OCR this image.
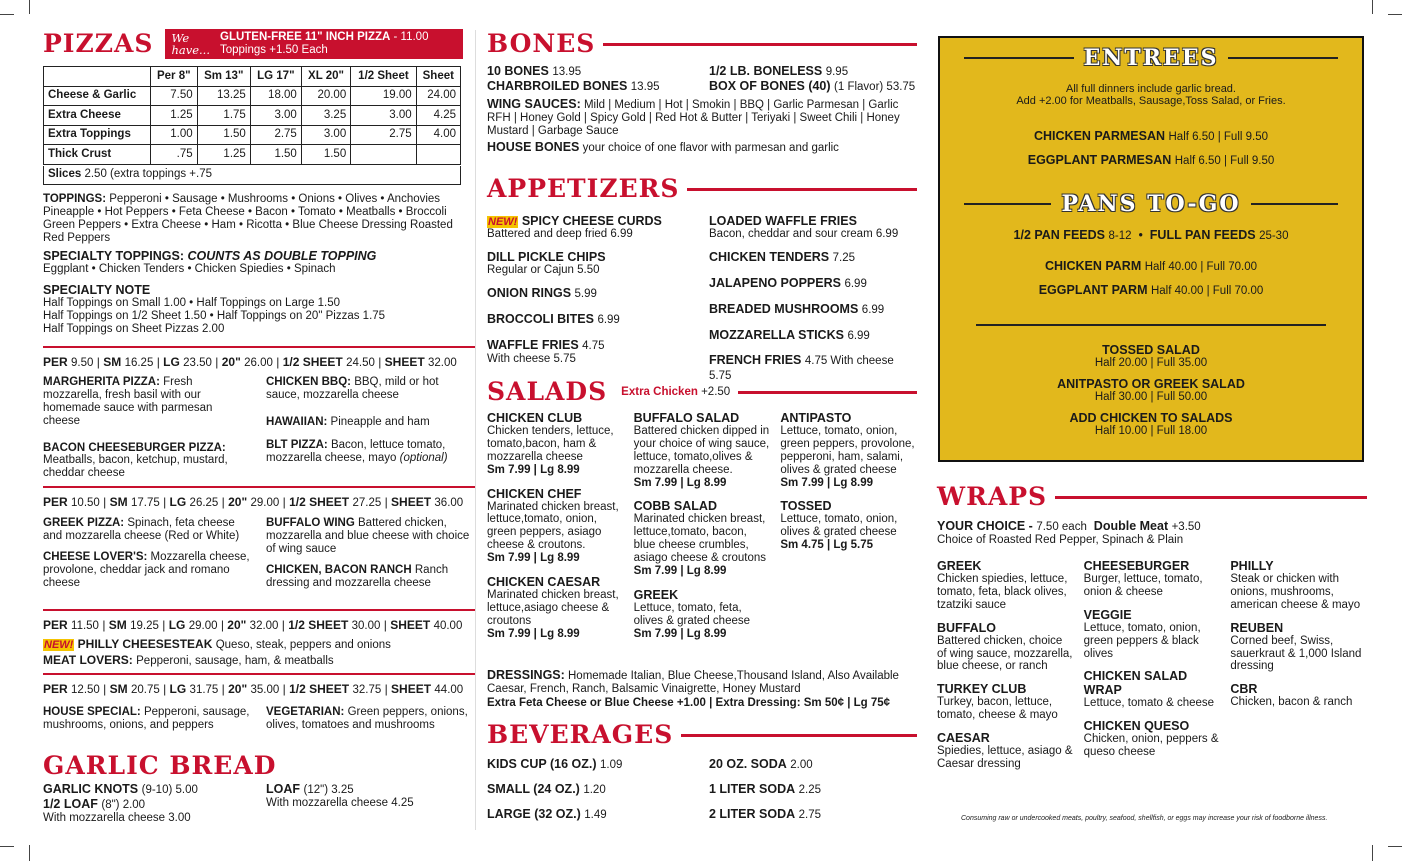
PIZZAS We
have...
GLUTEN-FREE 11" INCH PIZZA - 11.00
Toppings +1.50 Each
	Per 8"	Sm 13"	LG 17"	XL 20"	1/2 Sheet	Sheet
Cheese & Garlic	7.50	13.25	18.00	20.00	19.00	24.00
Extra Cheese	1.25	1.75	3.00	3.25	3.00	4.25
Extra Toppings	1.00	1.50	2.75	3.00	2.75	4.00
Thick Crust	.75	1.25	1.50	1.50		
Slices 2.50 (extra toppings +.75
TOPPINGS: Pepperoni • Sausage • Mushrooms • Onions • Olives • Anchovies Pineapple • Hot Peppers • Feta Cheese • Bacon • Tomato • Meatballs • Broccoli Green Peppers • Extra Cheese • Ham • Ricotta • Blue Cheese Dressing Roasted Red Peppers
SPECIALTY TOPPINGS: COUNTS AS DOUBLE TOPPING
Eggplant • Chicken Tenders • Chicken Spiedies • Spinach
SPECIALTY NOTE
Half Toppings on Small 1.00 • Half Toppings on Large 1.50
Half Toppings on 1/2 Sheet 1.50 • Half Toppings on 20" Pizzas 1.75
Half Toppings on Sheet Pizzas 2.00
PER 9.50 | SM 16.25 | LG 23.50 | 20" 26.00 | 1/2 SHEET 24.50 | SHEET 32.00
MARGHERITA PIZZA: Fresh mozzarella, fresh basil with our homemade sauce with parmesan cheese
BACON CHEESEBURGER PIZZA: Meatballs, bacon, ketchup, mustard, cheddar cheese
CHICKEN BBQ: BBQ, mild or hot sauce, mozzarella cheese
HAWAIIAN: Pineapple and ham
BLT PIZZA: Bacon, lettuce tomato, mozzarella cheese, mayo (optional)
PER 10.50 | SM 17.75 | LG 26.25 | 20" 29.00 | 1/2 SHEET 27.25 | SHEET 36.00
GREEK PIZZA: Spinach, feta cheese and mozzarella cheese (Red or White)
CHEESE LOVER'S: Mozzarella cheese, provolone, cheddar jack and romano cheese
BUFFALO WING Battered chicken, mozzarella and blue cheese with choice of wing sauce
CHICKEN, BACON RANCH Ranch dressing and mozzarella cheese
PER 11.50 | SM 19.25 | LG 29.00 | 20" 32.00 | 1/2 SHEET 30.00 | SHEET 40.00
NEW! PHILLY CHEESESTEAK Queso, steak, peppers and onions
MEAT LOVERS: Pepperoni, sausage, ham, & meatballs
PER 12.50 | SM 20.75 | LG 31.75 | 20" 35.00 | 1/2 SHEET 32.75 | SHEET 44.00
HOUSE SPECIAL: Pepperoni, sausage, mushrooms, onions, and peppers
VEGETARIAN: Green peppers, onions, olives, tomatoes and mushrooms
GARLIC BREAD
GARLIC KNOTS (9-10) 5.00
1/2 LOAF (8") 2.00
With mozzarella cheese 3.00
LOAF (12") 3.25
With mozzarella cheese 4.25
BONES
10 BONES 13.95
CHARBROILED BONES 13.95
1/2 LB. BONELESS 9.95
BOX OF BONES (40) (1 Flavor) 53.75
WING SAUCES: Mild | Medium | Hot | Smokin | BBQ | Garlic Parmesan | Garlic RFH | Honey Gold | Spicy Gold | Red Hot & Butter | Teriyaki | Sweet Chili | Honey Mustard | Garbage Sauce
HOUSE BONES your choice of one flavor with parmesan and garlic
APPETIZERS
NEW! SPICY CHEESE CURDS
Battered and deep fried 6.99
DILL PICKLE CHIPS
Regular or Cajun 5.50
ONION RINGS 5.99
BROCCOLI BITES 6.99
WAFFLE FRIES 4.75
With cheese 5.75
LOADED WAFFLE FRIES
Bacon, cheddar and sour cream 6.99
CHICKEN TENDERS 7.25
JALAPENO POPPERS 6.99
BREADED MUSHROOMS 6.99
MOZZARELLA STICKS 6.99
FRENCH FRIES 4.75 With cheese 5.75
SALADS Extra Chicken +2.50
CHICKEN CLUB
Chicken tenders, lettuce, tomato,bacon, ham & mozzarella cheese
Sm 7.99 | Lg 8.99
CHICKEN CHEF
Marinated chicken breast, lettuce,tomato, onion, green peppers, asiago cheese & croutons.
Sm 7.99 | Lg 8.99
CHICKEN CAESAR
Marinated chicken breast, lettuce,asiago cheese & croutons
Sm 7.99 | Lg 8.99
BUFFALO SALAD
Battered chicken dipped in your choice of wing sauce, lettuce, tomato,olives & mozzarella cheese.
Sm 7.99 | Lg 8.99
COBB SALAD
Marinated chicken breast, lettuce,tomato, bacon, blue cheese crumbles, asiago cheese & croutons
Sm 7.99 | Lg 8.99
GREEK
Lettuce, tomato, feta, olives & grated cheese
Sm 7.99 | Lg 8.99
ANTIPASTO
Lettuce, tomato, onion, green peppers, provolone, pepperoni, ham, salami, olives & grated cheese
Sm 7.99 | Lg 8.99
TOSSED
Lettuce, tomato, onion, olives & grated cheese
Sm 4.75 | Lg 5.75
DRESSINGS: Homemade Italian, Blue Cheese,Thousand Island, Also Available Caesar, French, Ranch, Balsamic Vinaigrette, Honey Mustard
Extra Feta Cheese or Blue Cheese +1.00 | Extra Dressing: Sm 50¢ | Lg 75¢
BEVERAGES
KIDS CUP (16 OZ.) 1.09	20 OZ. SODA 2.00
SMALL (24 OZ.) 1.20	1 LITER SODA 2.25
LARGE (32 OZ.) 1.49	2 LITER SODA 2.75
ENTREES
All full dinners include garlic bread.
Add +2.00 for Meatballs, Sausage,Toss Salad, or Fries.
CHICKEN PARMESAN Half 6.50 | Full 9.50
EGGPLANT PARMESAN Half 6.50 | Full 9.50
PANS TO-GO
1/2 PAN FEEDS 8-12  •  FULL PAN FEEDS 25-30
CHICKEN PARM Half 40.00 | Full 70.00
EGGPLANT PARM Half 40.00 | Full 70.00
TOSSED SALAD
Half 20.00 | Full 35.00
ANITPASTO OR GREEK SALAD
Half 30.00 | Full 50.00
ADD CHICKEN TO SALADS
Half 10.00 | Full 18.00
WRAPS
YOUR CHOICE - 7.50 each Double Meat +3.50
Choice of Roasted Red Pepper, Spinach & Plain
GREEK
Chicken spiedies, lettuce, tomato, feta, black olives, tzatziki sauce
BUFFALO
Battered chicken, choice of wing sauce, mozzarella, blue cheese, or ranch
TURKEY CLUB
Turkey, bacon, lettuce, tomato, cheese & mayo
CAESAR
Spiedies, lettuce, asiago & Caesar dressing
CHEESEBURGER
Burger, lettuce, tomato, onion & cheese
VEGGIE
Lettuce, tomato, onion, green peppers & black olives
CHICKEN SALAD WRAP
Lettuce, tomato & cheese
CHICKEN QUESO
Chicken, onion, peppers & queso cheese
PHILLY
Steak or chicken with onions, mushrooms, american cheese & mayo
REUBEN
Corned beef, Swiss, sauerkraut & 1,000 Island dressing
CBR
Chicken, bacon & ranch
Consuming raw or undercooked meats, poultry, seafood, shellfish, or eggs may increase your risk of foodborne illness.
